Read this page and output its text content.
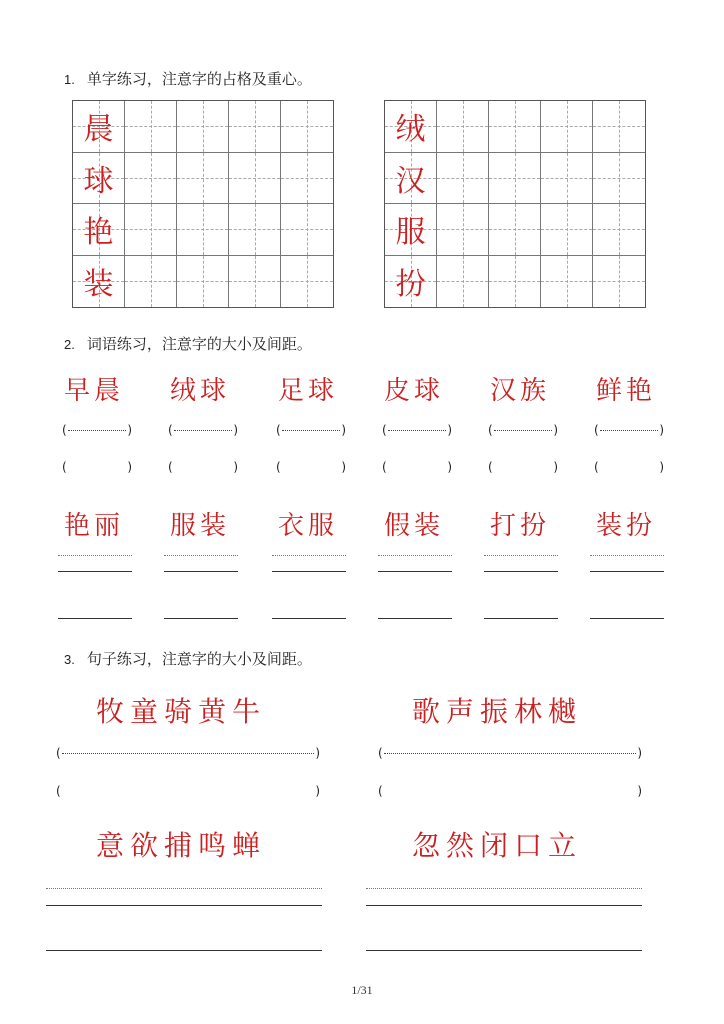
1. 单字练习，注意字的占格及重心。
晨
球
艳
装
绒
汉
服
扮
2. 词语练习，注意字的大小及间距。
早晨
(	)
(	)
绒球
(	)
(	)
足球
(	)
(	)
皮球
(	)
(	)
汉族
(	)
(	)
鲜艳
(	)
(	)
艳丽 服装 衣服 假装 打扮 装扮
3. 句子练习，注意字的大小及间距。
牧童骑黄牛	歌声振林樾
(	)	(	)
(	)	(	)
意欲捕鸣蝉	忽然闭口立
1/31
